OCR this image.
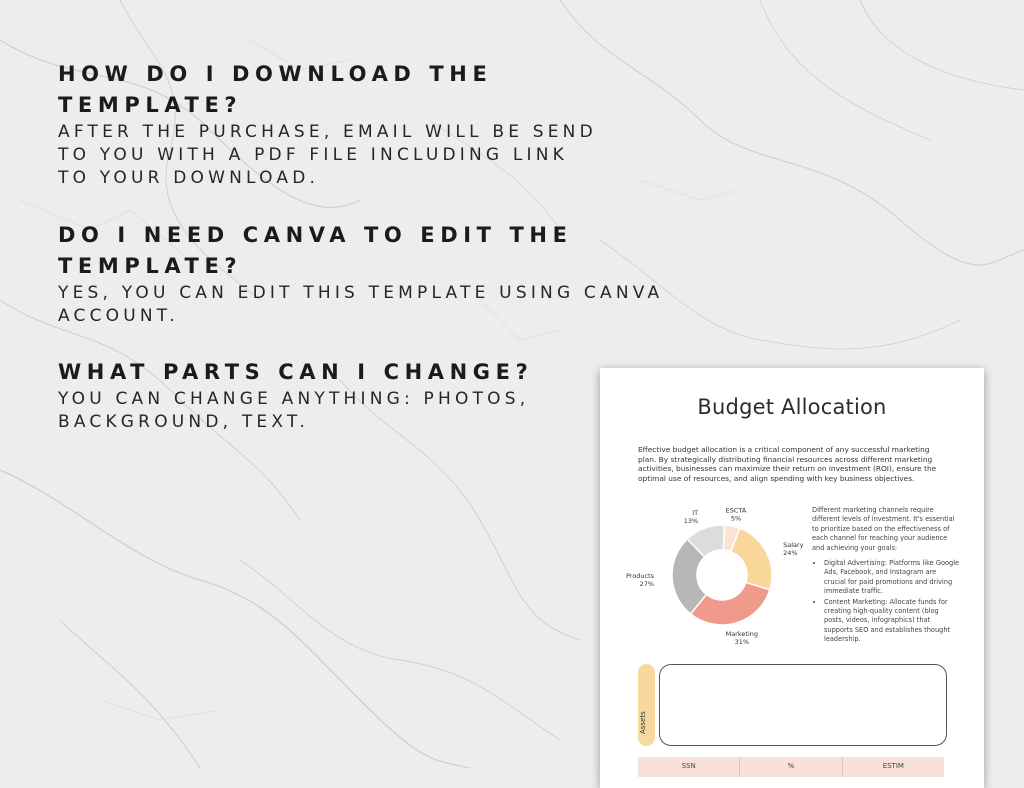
HOW DO I DOWNLOAD THE TEMPLATE?

AFTER THE PURCHASE, EMAIL WILL BE SEND TO YOU WITH A PDF FILE INCLUDING LINK TO YOUR DOWNLOAD.

DO I NEED CANVA TO EDIT THE TEMPLATE?

YES, YOU CAN EDIT THIS TEMPLATE USING CANVA ACCOUNT.

WHAT PARTS CAN I CHANGE?

YOU CAN CHANGE ANYTHING: PHOTOS, BACKGROUND, TEXT.

Budget Allocation

Effective budget allocation is a critical component of any successful marketing plan. By strategically distributing financial resources across different marketing activities, businesses can maximize their return on investment (ROI), ensure the optimal use of resources, and align spending with key business objectives.

ESCTA
5%
Salary
24%
Marketing
31%
Products
27%
IT
13%

Different marketing channels require different levels of investment. It's essential to prioritize based on the effectiveness of each channel for reaching your audience and achieving your goals:

• Digital Advertising: Platforms like Google Ads, Facebook, and Instagram are crucial for paid promotions and driving immediate traffic.
• Content Marketing: Allocate funds for creating high-quality content (blog posts, videos, infographics) that supports SEO and establishes thought leadership.
Assets
SSN	%	ESTIM
